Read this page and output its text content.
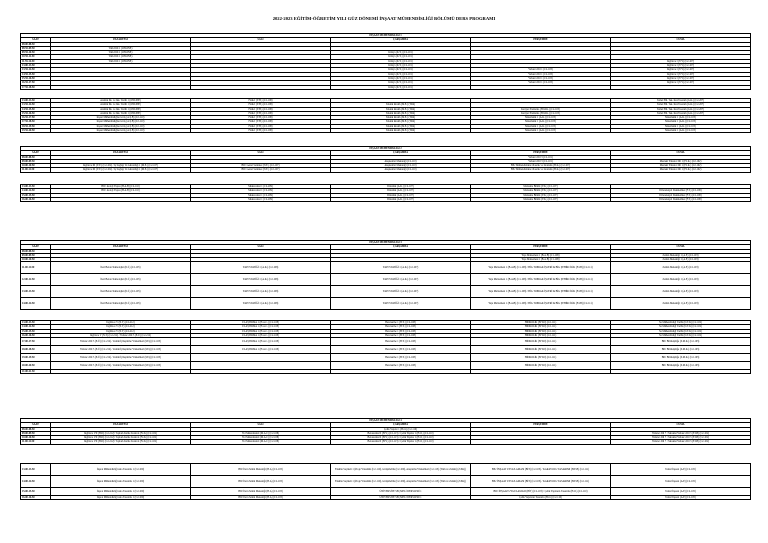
2022-2023 EĞİTİM-ÖĞRETİM YILI GÜZ DÖNEMİ İNŞAAT MÜHENDİSLİĞİ BÖLÜMÜ DERS PROGRAMI
İNŞAAT MÜHENDİSLİĞİ 1					
SAAT	PAZARTESİ	SALI	ÇARŞAMBA	PERŞEMBE	CUMA
08.00-08.50					
08.55-09.50	Türk Dili 1 (ONLINE)				
09.55-10.50	Türk Dili 1 (ONLINE)		Kimya (K.Y.) (C2-101)		
10.55-11.50	Türk Dili 1 (ONLINE)		Kimya (K.Y.) (C2-101)		
11.55-12.50	Türk Dili 1 (ONLINE)		Kimya (K.Y.) (C2-101)		İngilizce I (Y.Y) (C2-107)
13.00-13.50			Kimya (K.Y.) (C2-101)		İngilizce I (Y.Y) (C2-107)
13.55-14.50			Kimya (K.Y.) (C2-101)	Yabancı Dil 1 (C2-103)	İngilizce I (Y.Y) (C2-107)
14.55-15.50			Kimya (K.Y.) (C2-101)	Yabancı Dil 1 (C2-103)	İngilizce I (Y.Y) (C2-107)
15.55-16.50			Kimya (K.Y.) (C2-101)	Yabancı Dil 1 (C2-103)	İngilizce I (Y.Y) (C2-107)
16.55-17.50			Kimya (K.Y.) (C2-101)	Yabancı Dil 1 (C2-103)	İngilizce I (Y.Y) (C2-107)
17.55-18.50			Kimya (K.Y.) (C2-101)		
13.00-13.50	Atatürk İlk. ve İnk. Tarihi 1 (ONLINE)	Fizik I (Y.H.) (C2-108)			Temel Bil. Tek. Kul.Tasarım (G.K.) (C2-207)
13.55-14.50	Atatürk İlk. ve İnk. Tarihi 1 (ONLINE)	Fizik I (Y.H.) (C2-108)	Teknik Resim (M.E.) (TR4)		Temel Bil. Tek. Kul.Tasarım (G.K.) (C2-207)
14.55-15.50	Atatürk İlk. ve İnk. Tarihi 1 (ONLINE)	Fizik I (Y.H.) (C2-108)	Teknik Resim (M.E.) (TR4)	Kariyer Planlama (H.M.K.) (C2-105)	Temel Bil. Tek. Kul.Tasarım (G.K.) (C2-207)
15.55-16.50	Atatürk İlk. ve İnk. Tarihi 1 (ONLINE)	Fizik I (Y.H.) (C2-108)	Teknik Resim (M.E.) (TR4)	Kariyer Planlama (H.M.K.) (C2-105)	Temel Bil. Tek. Kul.Tasarım (G.K.) (C2-207)
16.55-17.50	İnşaat Mühendisliğine Giriş (A.Ş.B) (C2-110)	Fizik I (Y.H.) (C2-108)	Teknik Resim (M.E.) (TR4)	Matematik 1 (A.K.) (C2-105)	Matematik 1 (A.K.) (C2-105)
17.55-18.50	İnşaat Mühendisliğine Giriş (A.Ş.B) (C2-110)	Fizik I (Y.H.) (C2-108)	Teknik Resim (M.E.) (TR4)	Matematik 1 (A.K.) (C2-105)	Matematik 1 (A.K.) (C2-105)
18.55-19.50	İnşaat Mühendisliğine Giriş (A.Ş.B) (C2-110)	Fizik I (Y.H.) (C2-108)	Teknik Resim (M.E.) (TR4)	Matematik 1 (A.K.) (C2-105)	Matematik 1 (A.K.) (C2-105)
19.55-20.50	İnşaat Mühendisliğine Giriş (A.Ş.B) (C2-110)	Fizik I (Y.H.) (C2-108)	Teknik Resim (M.E.) (TR4)	Matematik 1 (A.K.) (C2-105)	Matematik 1 (A.K.) (C2-105)
İNŞAAT MÜHENDİSLİĞİ 2					
SAAT	PAZARTESİ	SALI	ÇARŞAMBA	PERŞEMBE	CUMA
08.00-08.50				Yabancı Dil 3 (C2-101)	
09.00-09.50			Akışkanlar Mekaniği (C2-110)	Yabancı Dil 3 (C2-101)	Mesleki Yabancı Dil 1 (F.I.K.) (C2-102)
10.00-10.50	İngilizce III (Y.Y.) (C2-102) / İş Sağlığı Ve Güvenliği 1 (M.E.) (C2-107)	BIU Genel Seminer (N.E.) (C2-107)	Akışkanlar Mekaniği (C2-110)	BIU Mühendislikte Olasılık ve İstatistik (H.K.) (C2-107)	Mesleki Yabancı Dil 1 (F.I.K.) (C2-102)
11.00-11.50	İngilizce III (Y.Y.) (C2-102) / İş Sağlığı Ve Güvenliği 1 (M.E.) (C2-107)	BIU Genel Seminer (N.E.) (C2-107)	Akışkanlar Mekaniği (C2-110)	BIU Mühendislikte Olasılık ve İstatistik (H.K.) (C2-107)	Mesleki Yabancı Dil 1 (F.I.K.) (C2-102)
13.00-13.50	BIU Jeoloji Yapısı (H.A.B) (C2-110)	Mukavemet 1 (C2-209)	Dinamik (A.K.) (C2-107)	Malzeme Bilimi (Y.K.) (C2-107)	
14.00-14.50	BIU Jeoloji Yapısı (H.A.B) (C2-110)	Mukavemet 1 (C2-209)	Dinamik (A.K.) (C2-107)	Malzeme Bilimi (Y.K.) (C2-107)	Diferansiyel Denklemler (F.T.) (C2-108)
15.00-15.50		Mukavemet 1 (C2-209)	Dinamik (A.K.) (C2-107)	Malzeme Bilimi (Y.K.) (C2-107)	Diferansiyel Denklemler (F.T.) (C2-108)
16.00-16.50		Mukavemet 1 (C2-209)	Dinamik (A.K.) (C2-107)	Malzeme Bilimi (Y.K.) (C2-107)	Diferansiyel Denklemler (F.T.) (C2-108)
İNŞAAT MÜHENDİSLİĞİ 3					
SAAT	PAZARTESİ	SALI	ÇARŞAMBA	PERŞEMBE	CUMA
08.00-08.50					
09.00-09.50				Yapı Malzemesi 1 (B.A.B) (C1-108)	Zemin Mekaniği 1 (A.E) (C2-103)
10.00-10.50				Yapı Malzemesi 1 (B.A.B) (C1-108)	Zemin Mekaniği 1 (A.E) (C2-103)
11.00-11.50	İleri Beton Teknolojisi (D.İ.) (C2-105)	YAPI STATİĞİ 1 (A.K.) (C2-108)	YAPI STATİĞİ 1 (A.K.) (C2-107)	Yapı Malzemesi 1 (B.A.B) (C1-108) / BİG TOPRAK İŞLERİ & BİG ŞEHİRCİLİK (F.I.B) (C2-111)	Zemin Mekaniği 1 (A.E) (C2-103)
12.00-12.50	İleri Beton Teknolojisi (D.İ.) (C2-105)	YAPI STATİĞİ 1 (A.K.) (C2-108)	YAPI STATİĞİ 1 (A.K.) (C2-107)	Yapı Malzemesi 1 (B.A.B) (C1-108) / BİG TOPRAK İŞLERİ & BİG ŞEHİRCİLİK (F.I.B) (C2-111)	Zemin Mekaniği 1 (A.E) (C2-103)
13.00-13.50	İleri Beton Teknolojisi (D.İ.) (C2-105)	YAPI STATİĞİ 1 (A.K.) (C2-108)	YAPI STATİĞİ 1 (A.K.) (C2-107)	Yapı Malzemesi 1 (B.A.B) (C1-108) / BİG TOPRAK İŞLERİ & BİG ŞEHİRCİLİK (F.I.B) (C2-111)	Zemin Mekaniği 1 (A.E) (C2-103)
14.00-14.50	İleri Beton Teknolojisi (D.İ.) (C2-105)	YAPI STATİĞİ 1 (A.K.) (C2-108)	YAPI STATİĞİ 1 (A.K.) (C2-107)	Yapı Malzemesi 1 (B.A.B) (C1-108) / BİG TOPRAK İŞLERİ & BİG ŞEHİRCİLİK (F.I.B) (C2-111)	Zemin Mekaniği 1 (A.E) (C2-103)
13.00-13.50	İngilizce V (N.T) (C2-212)	ULAŞTIRMA 1 (H.A.C.) (C2-108)	Betonarme 1 (H.Y.) (C2-108)	HİDROLİK (H.Y.D) (C2-111)	Su Mühendisliği Tarihi (D.T.K) (C2-102)
14.00-14.50	İngilizce V (N.T) (C2-212)	ULAŞTIRMA 1 (H.A.C.) (C2-108)	Betonarme 1 (H.Y.) (C2-108)	HİDROLİK (H.Y.D) (C2-111)	Su Mühendisliği Tarihi (D.T.K) (C2-102)
15.00-15.50	İngilizce V (N.T) (C2-212)	ULAŞTIRMA 1 (H.A.C.) (C2-108)	Betonarme 1 (H.Y.) (C2-108)	HİDROLİK (H.Y.D) (C2-111)	Su Mühendisliği Tarihi (D.T.K) (C2-102)
16.00-16.50	İngilizce V (N.T) (C2-212) / Yabancı Dil 5 (E.Ü) (C2-212)	ULAŞTIRMA 1 (H.A.C.) (C2-108)	Betonarme 1 (H.Y.) (C2-108)	HİDROLİK (H.Y.D) (C2-111)	Su Mühendisliği Tarihi (D.T.K) (C2-102)
17.00-17.50	Yabancı Dil 5 (E.Ü) (C2-212) / Zemin İyileştirme Yöntemleri (M.Ş) (C2-103)	ULAŞTIRMA 1 (H.A.C.) (C2-108)	Betonarme 1 (H.Y.) (C2-108)	HİDROLİK (H.Y.D) (C2-111)	BIU Bilirkişiliğe (S.M.K.) (C2-103)
18.00-18.50	Yabancı Dil 5 (E.Ü) (C2-212) / Zemin İyileştirme Yöntemleri (M.Ş) (C2-103)	ULAŞTIRMA 1 (H.A.C.) (C2-108)	Betonarme 1 (H.Y.) (C2-108)	HİDROLİK (H.Y.D) (C2-111)	BIU Bilirkişiliğe (S.M.K.) (C2-103)
19.00-19.50	Yabancı Dil 5 (E.Ü) (C2-212) / Zemin İyileştirme Yöntemleri (M.Ş) (C2-103)		Betonarme 1 (H.Y.) (C2-108)	HİDROLİK (H.Y.D) (C2-111)	BIU Bilirkişiliğe (S.M.K.) (C2-103)
20.00-20.50	Yabancı Dil 5 (E.Ü) (C2-212) / Zemin İyileştirme Yöntemleri (M.Ş) (C2-103)		Betonarme 1 (H.Y.) (C2-108)	HİDROLİK (H.Y.D) (C2-111)	BIU Bilirkişiliğe (S.M.K.) (C2-103)
21.00-21.50					
İNŞAAT MÜHENDİSLİĞİ 4					
SAAT	PAZARTESİ	SALI	ÇARŞAMBA	PERŞEMBE	CUMA
08.00-08.50			Çelik Yapılar 1 (H.O.) (C2-110)		
09.00-09.50	İngilizce VII (H.D) (C2-212)/ Toplam Kalite Kontrol (F.I.K) (C2-102)	Yol Malzemeleri (M.A.C) (C2-108)	Betonarme II (H.Y.) (C2-113) / Çelik Yapılar 1 (H.O.) (C2-110)		Yabancı Dil 7 / Mesleki Yabancı Dil 3 (F.I.B) (C2-102)
10.00-10.50	İngilizce VII (H.D) (C2-212)/ Toplam Kalite Kontrol (F.I.K) (C2-102)	Yol Malzemeleri (M.A.C) (C2-108)	Betonarme II (H.Y.) (C2-113) / Çelik Yapılar 1 (H.O.) (C2-110)		Yabancı Dil 7 / Mesleki Yabancı Dil 3 (F.I.B) (C2-102)
11.00-11.50	İngilizce VII (H.D) (C2-212)/ Toplam Kalite Kontrol (F.I.K) (C2-102)	Yol Malzemeleri (M.A.C) (C2-108)	Betonarme II (H.Y.) (C2-113) / Çelik Yapılar 1 (H.O.) (C2-110)		Yabancı Dil 7 / Mesleki Yabancı Dil 3 (F.I.B) (C2-102)
13.00-13.50	İnşaat Mühendisliği Ana Tasarımı 1 (C2-100)	BIU İleri Zemin Mekaniği (H.A) (C2-103)	Fakülte Seçmeli 1 (Proje Yönetimi (C2-110), Girişimcilik (C2-109), Araştırma Yöntemleri (C2-113) (Tüm ve Zemin) (Z.P.K))	BIU İNŞAAT UYGULAMASI (BİT) (C2-103) / KARAYOLU TASARIMI (H.E.B) (C2-111)	Temel İnşaatı (A.E) (C2-105)
14.00-14.50	İnşaat Mühendisliği Ana Tasarımı 1 (C2-100)	BIU İleri Zemin Mekaniği (H.A) (C2-103)	Fakülte Seçmeli 1 (Proje Yönetimi (C2-110), Girişimcilik (C2-109), Araştırma Yöntemleri (C2-113) (Tüm ve Zemin) (Z.P.K))	BIU İNŞAAT UYGULAMASI (BİT) (C2-103) / KARAYOLU TASARIMI (H.E.B) (C2-111)	Temel İnşaatı (A.E) (C2-105)
15.00-15.50	İnşaat Mühendisliği Ana Tasarımı 1 (C2-100)	BIU İleri Zemin Mekaniği (H.A) (C2-103)	ÜNİVERSİTE SEÇMELİ DERSLERİ 1	BIU İNŞAAT UYGULAMASI (BİT) (C2-103) / Çelik Yapıların Tasarımı (H.O.) (C2-110)	Temel İnşaatı (A.E) (C2-105)
16.00-16.50	İnşaat Mühendisliği Ana Tasarımı 1 (C2-100)	BIU İleri Zemin Mekaniği (H.A) (C2-103)	ÜNİVERSİTE SEÇMELİ DERSLERİ 1	Çelik Yapıların Tasarımı (H.O.) (C2-110)	Temel İnşaatı (A.E) (C2-105)
